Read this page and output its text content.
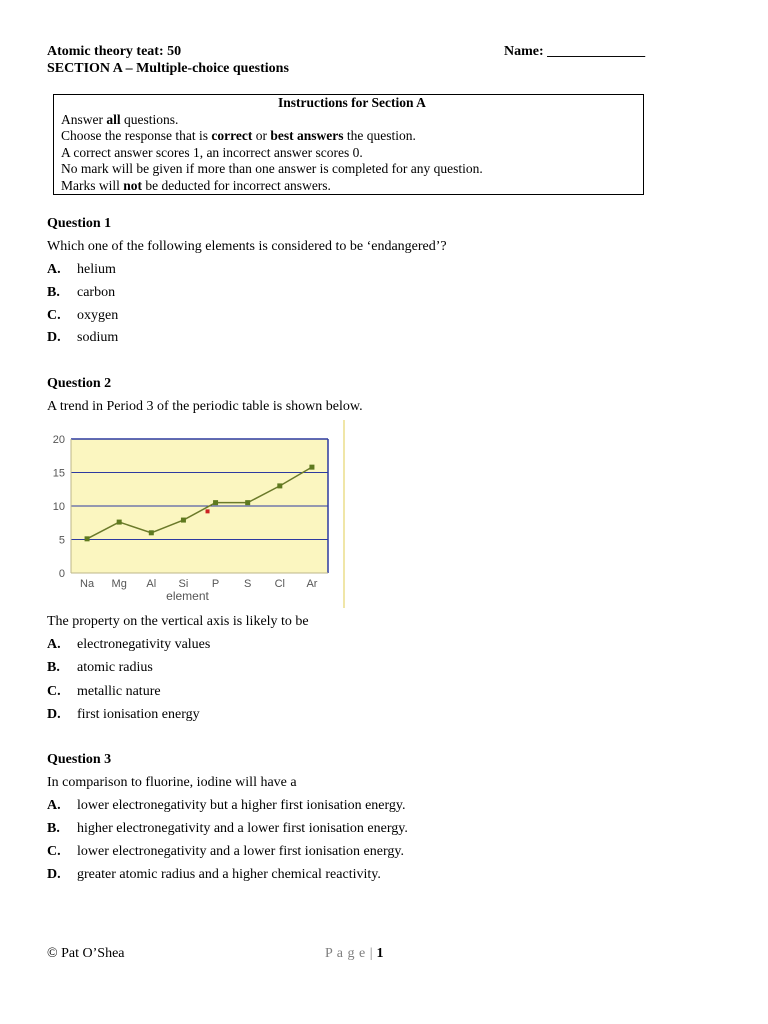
Atomic theory teat: 50	Name: ______________
SECTION A – Multiple-choice questions
Instructions for Section A
Answer all questions.
Choose the response that is correct or best answers the question.
A correct answer scores 1, an incorrect answer scores 0.
No mark will be given if more than one answer is completed for any question.
Marks will not be deducted for incorrect answers.
Question 1
Which one of the following elements is considered to be ‘endangered’?
A. helium
B. carbon
C. oxygen
D. sodium
Question 2
A trend in Period 3 of the periodic table is shown below.
0
5
10
15
20
Na Mg Al Si P S Cl Ar
element
The property on the vertical axis is likely to be
A. electronegativity values
B. atomic radius
C. metallic nature
D. first ionisation energy
Question 3
In comparison to fluorine, iodine will have a
A. lower electronegativity but a higher first ionisation energy.
B. higher electronegativity and a lower first ionisation energy.
C. lower electronegativity and a lower first ionisation energy.
D. greater atomic radius and a higher chemical reactivity.
© Pat O’Shea	P a g e | 1
